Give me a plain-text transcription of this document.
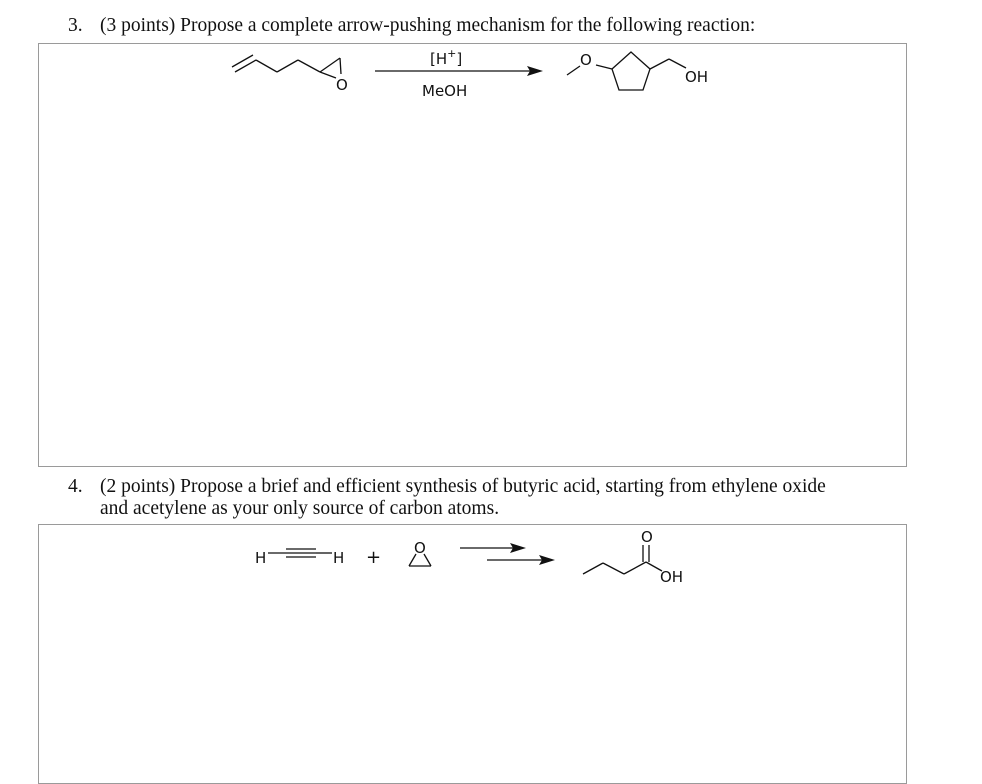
3. (3 points) Propose a complete arrow-pushing mechanism for the following reaction:
O
[H+]
MeOH
O
OH
4. (2 points) Propose a brief and efficient synthesis of butyric acid, starting from ethylene oxide
and acetylene as your only source of carbon atoms.
H	H + O
O
OH
